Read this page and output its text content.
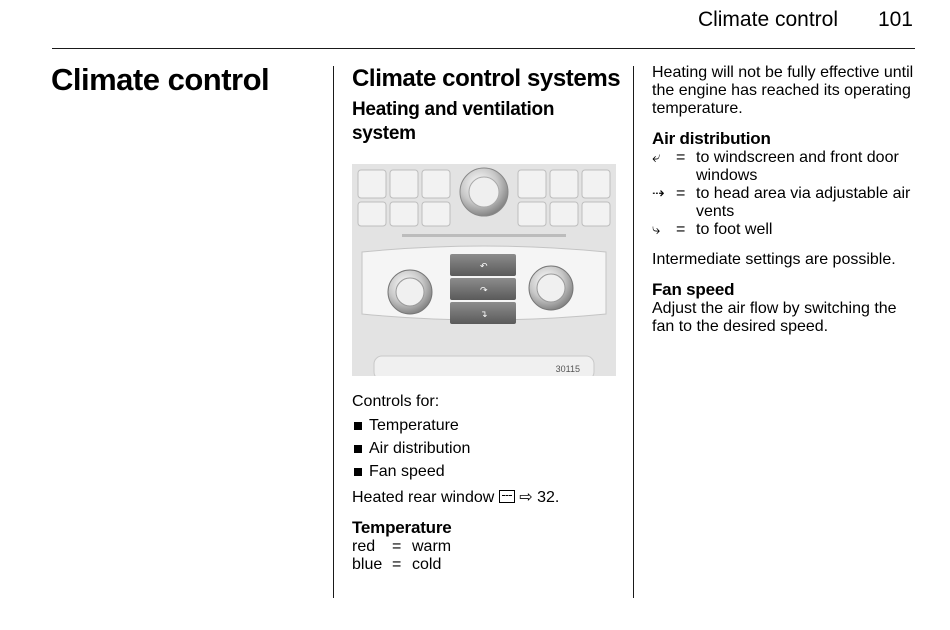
Climate control 101
Climate control	Climate control systems
Heating and ventilation system
↶
↷
↴
30115

Controls for:

Temperature
Air distribution
Fan speed

Heated rear window ⇨ 32.

Temperature
red	= warm
blue = cold

Heating will not be fully effective until the engine has reached its operating temperature.

Air distribution
⤶ = to windscreen and front door windows
⇢ = to head area via adjustable air vents
⤷ = to foot well

Intermediate settings are possible.

Fan speed

Adjust the air flow by switching the fan to the desired speed.
